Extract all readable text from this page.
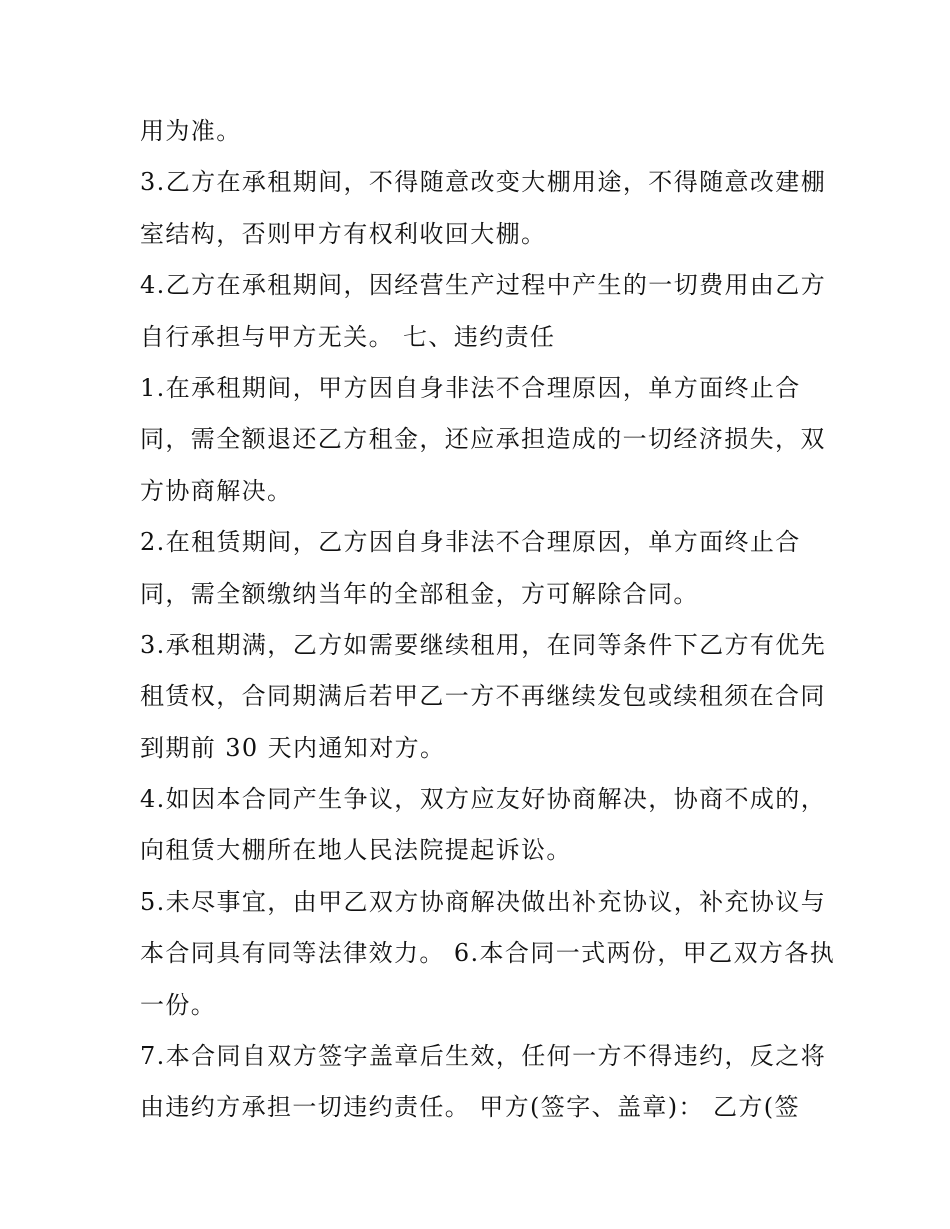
用为准。
3.乙方在承租期间，不得随意改变大棚用途，不得随意改建棚
室结构，否则甲方有权利收回大棚。
4.乙方在承租期间，因经营生产过程中产生的一切费用由乙方
自行承担与甲方无关。 七、违约责任
1.在承租期间，甲方因自身非法不合理原因，单方面终止合
同，需全额退还乙方租金，还应承担造成的一切经济损失，双
方协商解决。
2.在租赁期间，乙方因自身非法不合理原因，单方面终止合
同，需全额缴纳当年的全部租金，方可解除合同。
3.承租期满，乙方如需要继续租用，在同等条件下乙方有优先
租赁权，合同期满后若甲乙一方不再继续发包或续租须在合同
到期前 30 天内通知对方。
4.如因本合同产生争议，双方应友好协商解决，协商不成的，
向租赁大棚所在地人民法院提起诉讼。
5.未尽事宜，由甲乙双方协商解决做出补充协议，补充协议与
本合同具有同等法律效力。 6.本合同一式两份，甲乙双方各执
一份。
7.本合同自双方签字盖章后生效，任何一方不得违约，反之将
由违约方承担一切违约责任。 甲方(签字、盖章)： 乙方(签
